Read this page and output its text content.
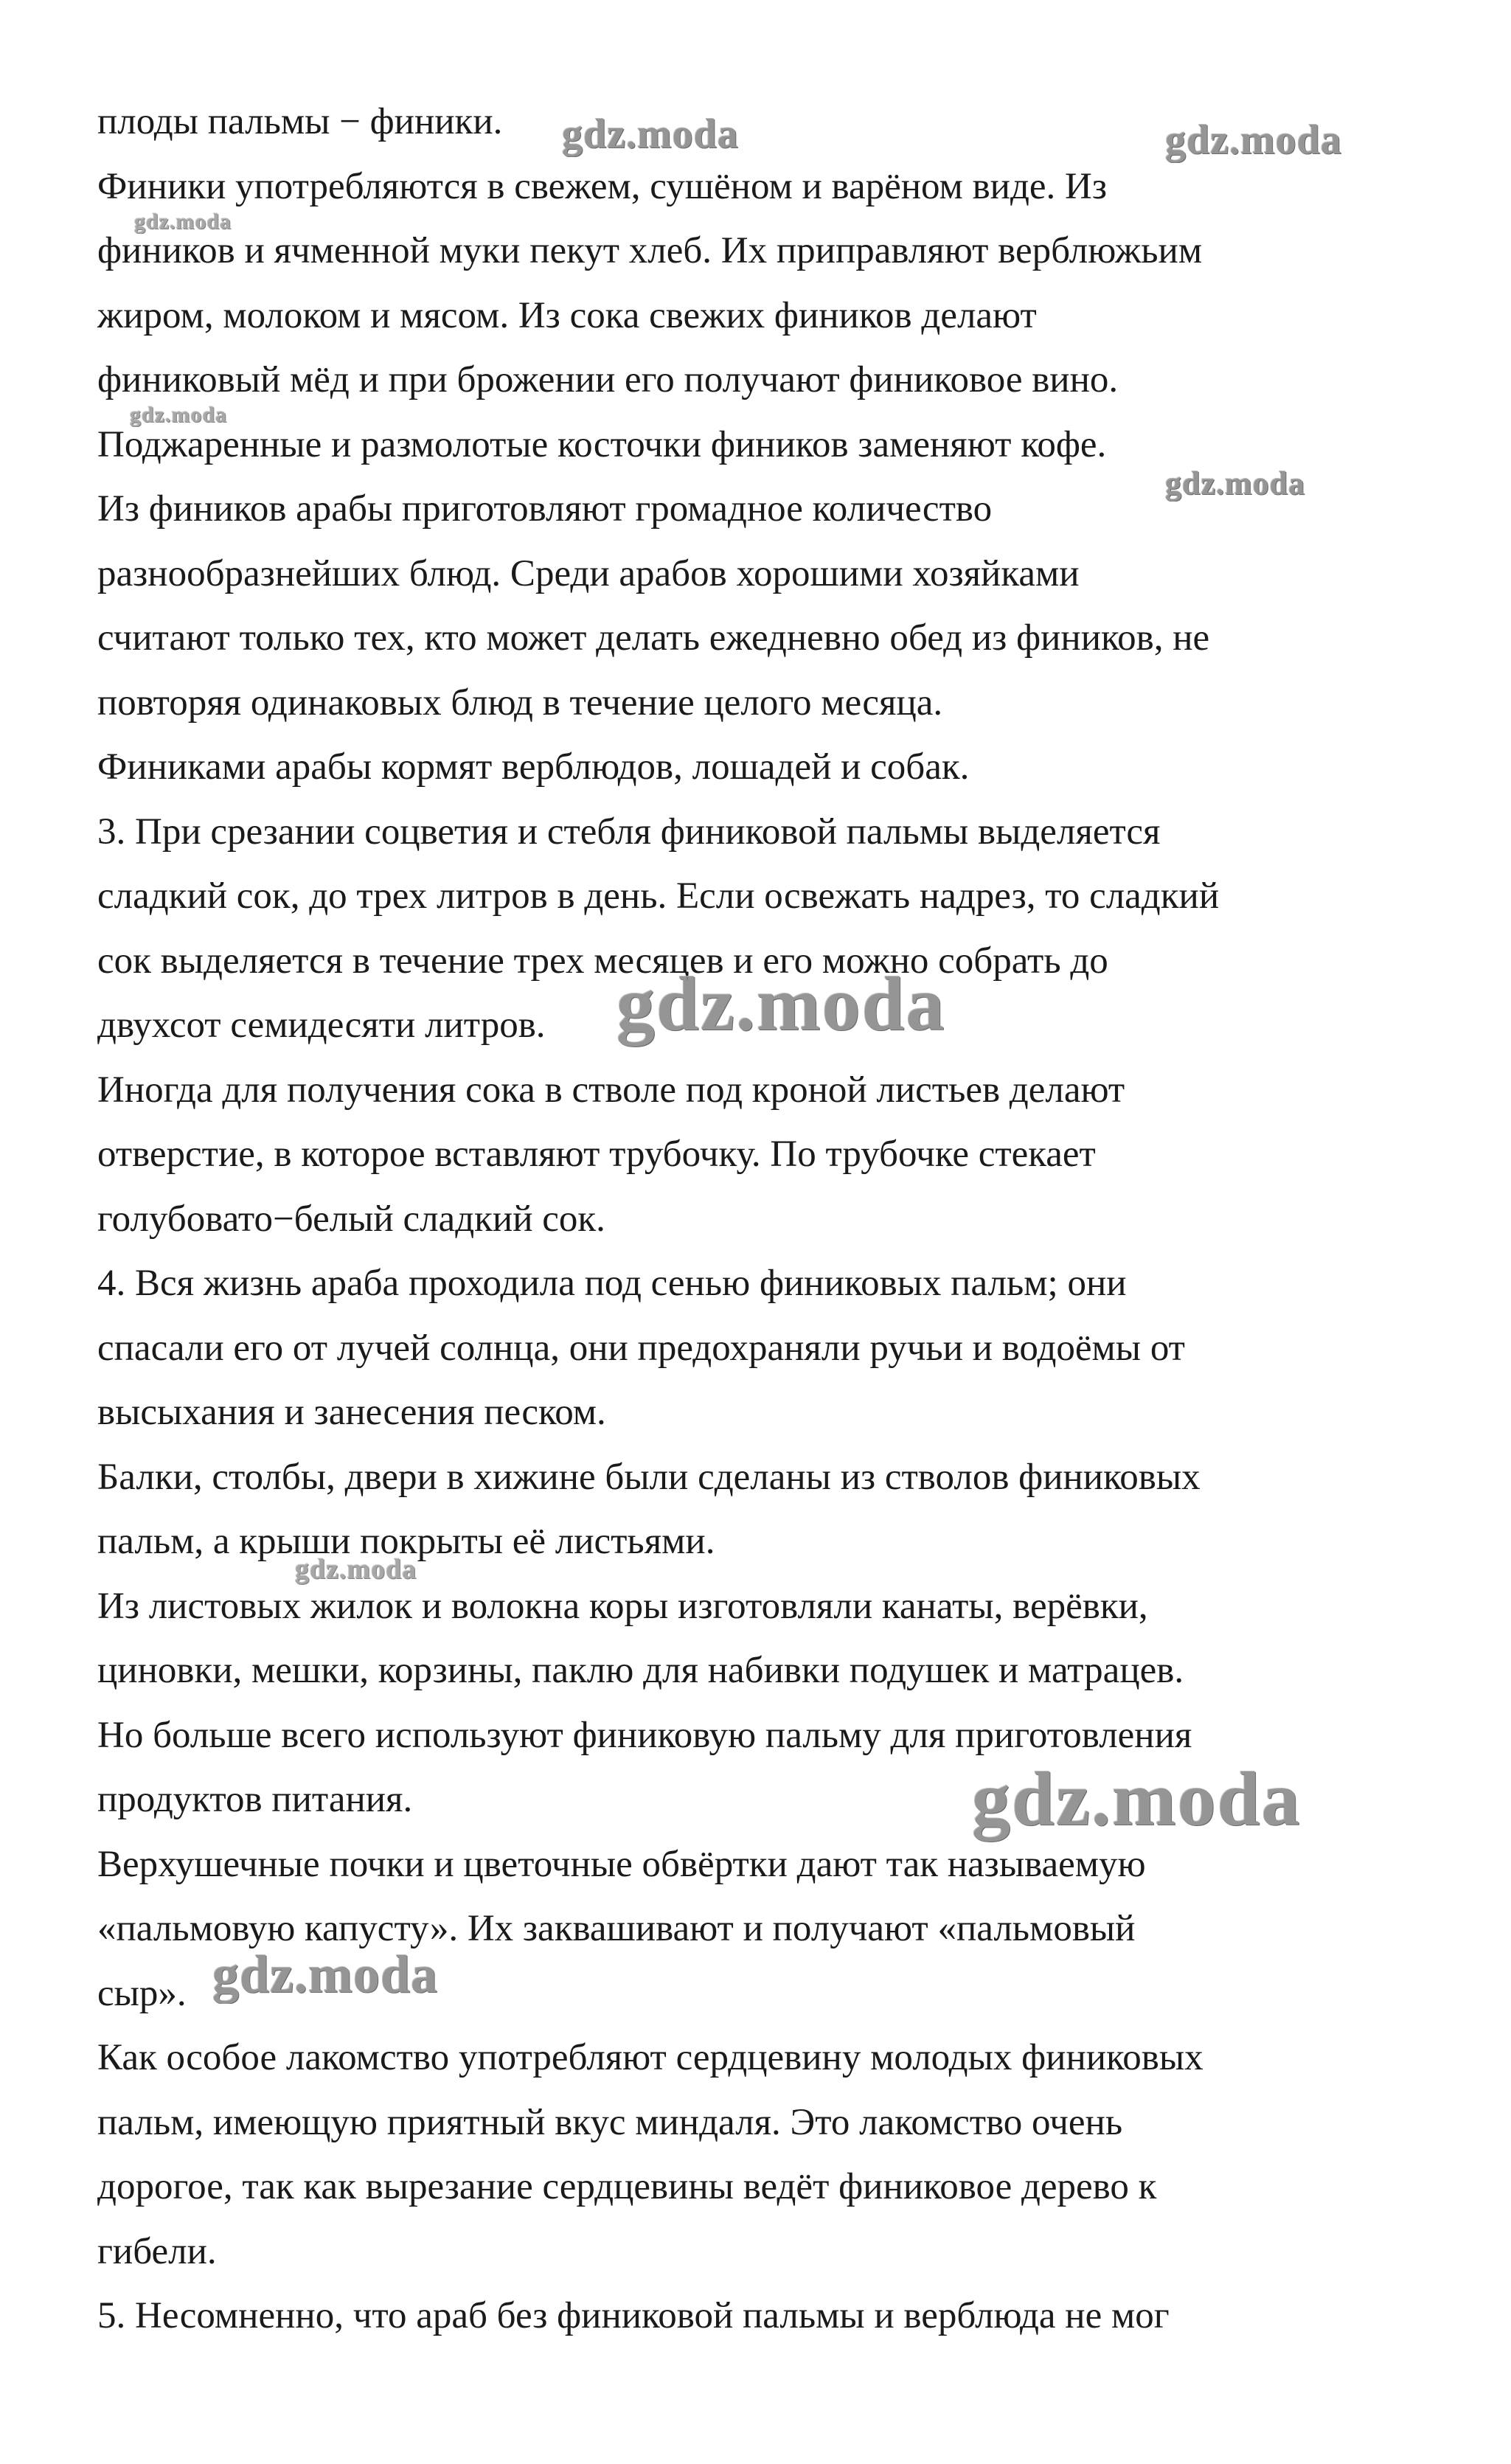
плоды пальмы − финики.
Финики употребляются в свежем, сушёном и варёном виде. Из
фиников и ячменной муки пекут хлеб. Их приправляют верблюжьим
жиром, молоком и мясом. Из сока свежих фиников делают
финиковый мёд и при брожении его получают финиковое вино.
Поджаренные и размолотые косточки фиников заменяют кофе.
Из фиников арабы приготовляют громадное количество
разнообразнейших блюд. Среди арабов хорошими хозяйками
считают только тех, кто может делать ежедневно обед из фиников, не
повторяя одинаковых блюд в течение целого месяца.
Финиками арабы кормят верблюдов, лошадей и собак.
3. При срезании соцветия и стебля финиковой пальмы выделяется
сладкий сок, до трех литров в день. Если освежать надрез, то сладкий
сок выделяется в течение трех месяцев и его можно собрать до
двухсот семидесяти литров.
Иногда для получения сока в стволе под кроной листьев делают
отверстие, в которое вставляют трубочку. По трубочке стекает
голубовато−белый сладкий сок.
4. Вся жизнь араба проходила под сенью финиковых пальм; они
спасали его от лучей солнца, они предохраняли ручьи и водоёмы от
высыхания и занесения песком.
Балки, столбы, двери в хижине были сделаны из стволов финиковых
пальм, а крыши покрыты её листьями.
Из листовых жилок и волокна коры изготовляли канаты, верёвки,
циновки, мешки, корзины, паклю для набивки подушек и матрацев.
Но больше всего используют финиковую пальму для приготовления
продуктов питания.
Верхушечные почки и цветочные обвёртки дают так называемую
«пальмовую капусту». Их заквашивают и получают «пальмовый
сыр».
Как особое лакомство употребляют сердцевину молодых финиковых
пальм, имеющую приятный вкус миндаля. Это лакомство очень
дорогое, так как вырезание сердцевины ведёт финиковое дерево к
гибели.
5. Несомненно, что араб без финиковой пальмы и верблюда не мог
gdz.moda	gdz.moda
gdz.moda
gdz.moda
gdz.moda
gdz.moda
gdz.moda
gdz.moda
gdz.moda
